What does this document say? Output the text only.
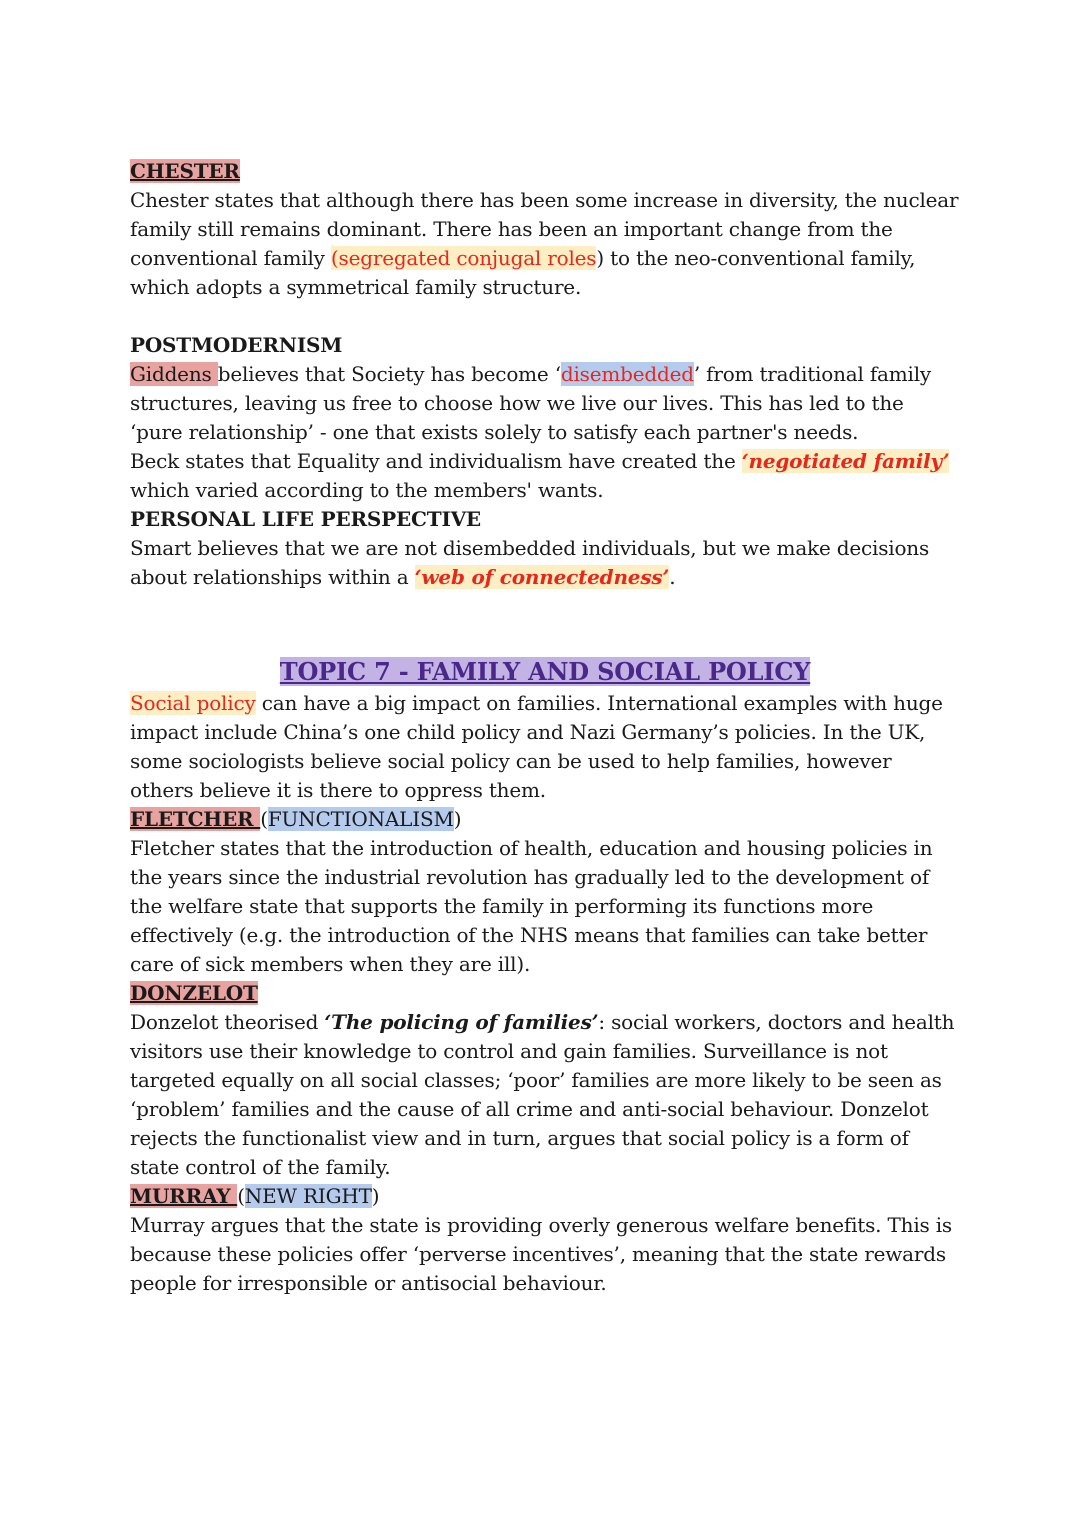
CHESTER

Chester states that although there has been some increase in diversity, the nuclear family still remains dominant. There has been an important change from the conventional family (segregated conjugal roles) to the neo-conventional family, which adopts a symmetrical family structure.

POSTMODERNISM

Giddens believes that Society has become ‘disembedded’ from traditional family structures, leaving us free to choose how we live our lives. This has led to the ‘pure relationship’ - one that exists solely to satisfy each partner's needs.

Beck states that Equality and individualism have created the ‘negotiated family’ which varied according to the members' wants.

PERSONAL LIFE PERSPECTIVE

Smart believes that we are not disembedded individuals, but we make decisions about relationships within a ‘web of connectedness’.

TOPIC 7 - FAMILY AND SOCIAL POLICY

Social policy can have a big impact on families. International examples with huge impact include China’s one child policy and Nazi Germany’s policies. In the UK, some sociologists believe social policy can be used to help families, however others believe it is there to oppress them.

FLETCHER (FUNCTIONALISM)

Fletcher states that the introduction of health, education and housing policies in the years since the industrial revolution has gradually led to the development of the welfare state that supports the family in performing its functions more effectively (e.g. the introduction of the NHS means that families can take better care of sick members when they are ill).

DONZELOT

Donzelot theorised ‘The policing of families’: social workers, doctors and health visitors use their knowledge to control and gain families. Surveillance is not targeted equally on all social classes; ‘poor’ families are more likely to be seen as ‘problem’ families and the cause of all crime and anti-social behaviour. Donzelot rejects the functionalist view and in turn, argues that social policy is a form of state control of the family.

MURRAY (NEW RIGHT)

Murray argues that the state is providing overly generous welfare benefits. This is because these policies offer ‘perverse incentives’, meaning that the state rewards people for irresponsible or antisocial behaviour.
